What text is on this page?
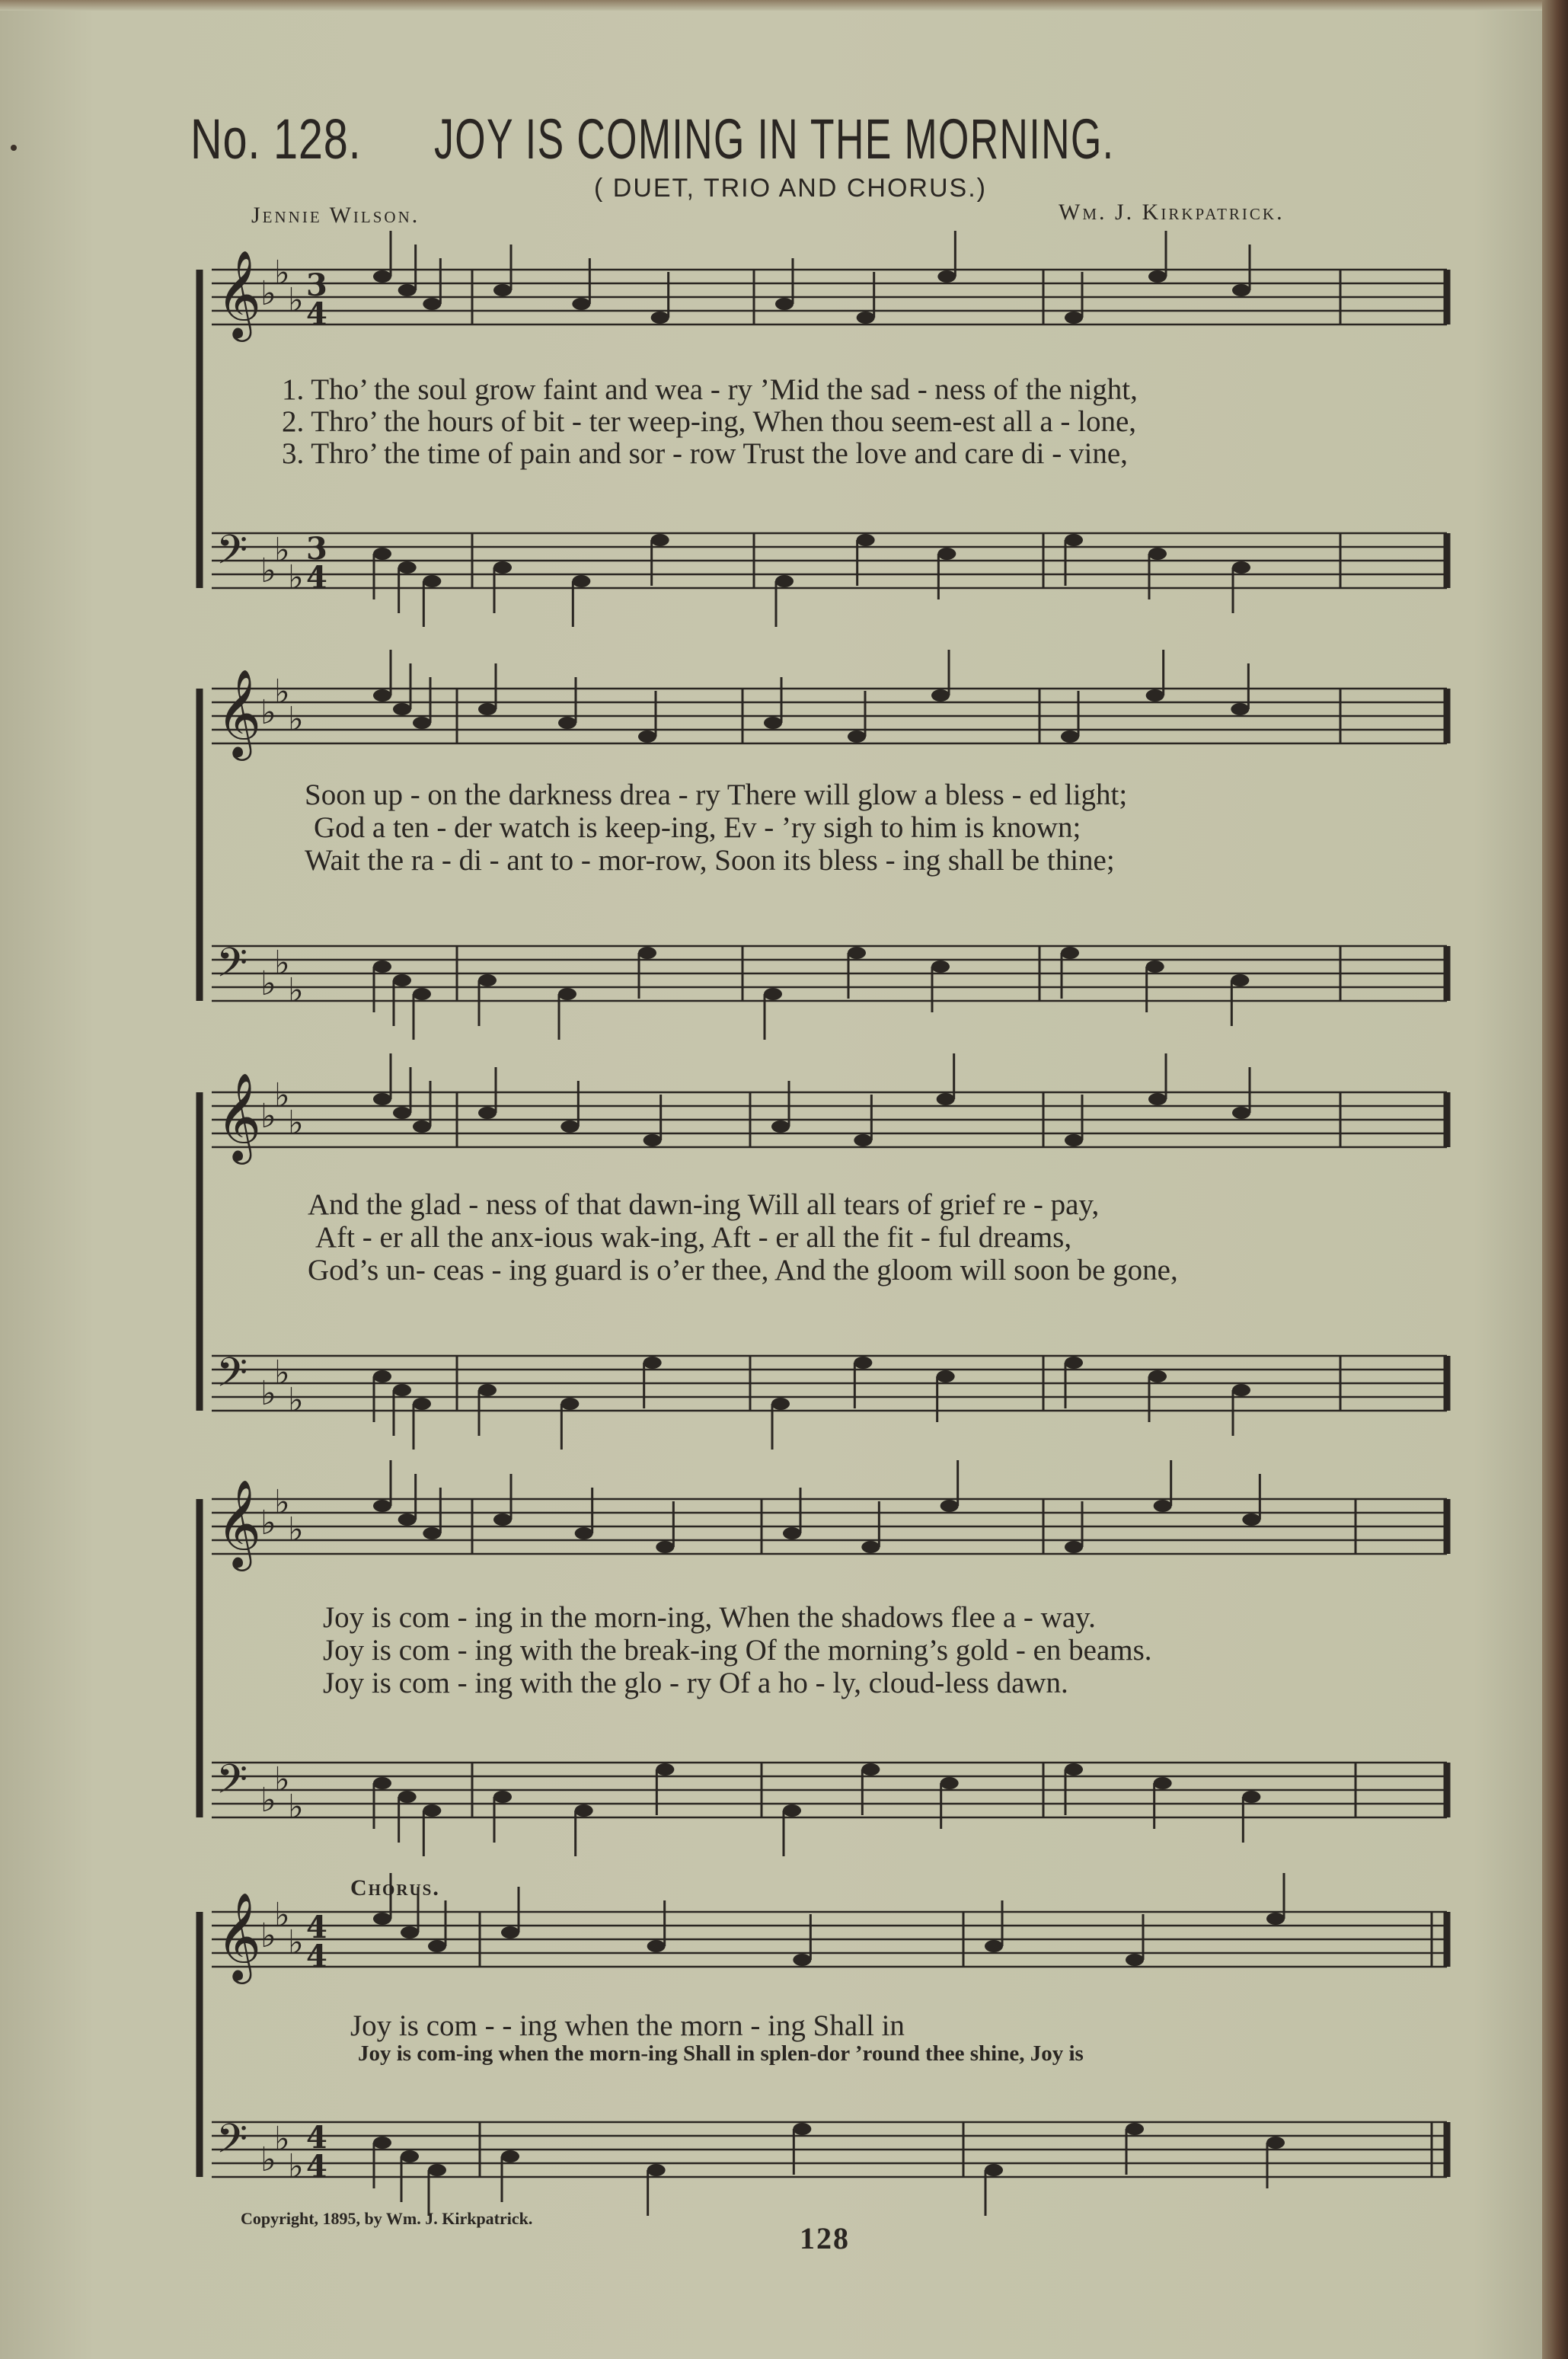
No. 128. JOY IS COMING IN THE MORNING.
( DUET, TRIO AND CHORUS.)
Jennie Wilson.	Wm. J. Kirkpatrick.
𝄞
♭
♭
♭ 3
4
𝄢 ♭
♭
♭
3
4
𝄞
♭
♭
♭
𝄢 ♭
♭
♭
𝄞
♭
♭
♭
𝄢 ♭
♭
♭
𝄞
♭
♭
♭
𝄢 ♭
♭
♭
𝄞
♭
♭
♭ 4
4
𝄢 ♭
♭
♭
4
4
1. Tho’ the soul grow faint and wea - ry ’Mid the sad - ness of the night,
2. Thro’ the hours of bit - ter weep-ing, When thou seem-est all a - lone,
3. Thro’ the time of pain and sor - row Trust the love and care di - vine,
Soon up - on the darkness drea - ry There will glow a bless - ed light;
God a ten - der watch is keep-ing, Ev - ’ry sigh to him is known;
Wait the ra - di - ant to - mor-row, Soon its bless - ing shall be thine;
And the glad - ness of that dawn-ing Will all tears of grief re - pay,
Aft - er all the anx-ious wak-ing, Aft - er all the fit - ful dreams,
God’s un- ceas - ing guard is o’er thee, And the gloom will soon be gone,
Joy is com - ing in the morn-ing, When the shadows flee a - way.
Joy is com - ing with the break-ing Of the morning’s gold - en beams.
Joy is com - ing with the glo - ry Of a ho - ly, cloud-less dawn.
Chorus.
Joy is com - - ing when the morn - ing Shall in
Joy is com-ing when the morn-ing Shall in splen-dor ’round thee shine, Joy is
Copyright, 1895, by Wm. J. Kirkpatrick.
128
